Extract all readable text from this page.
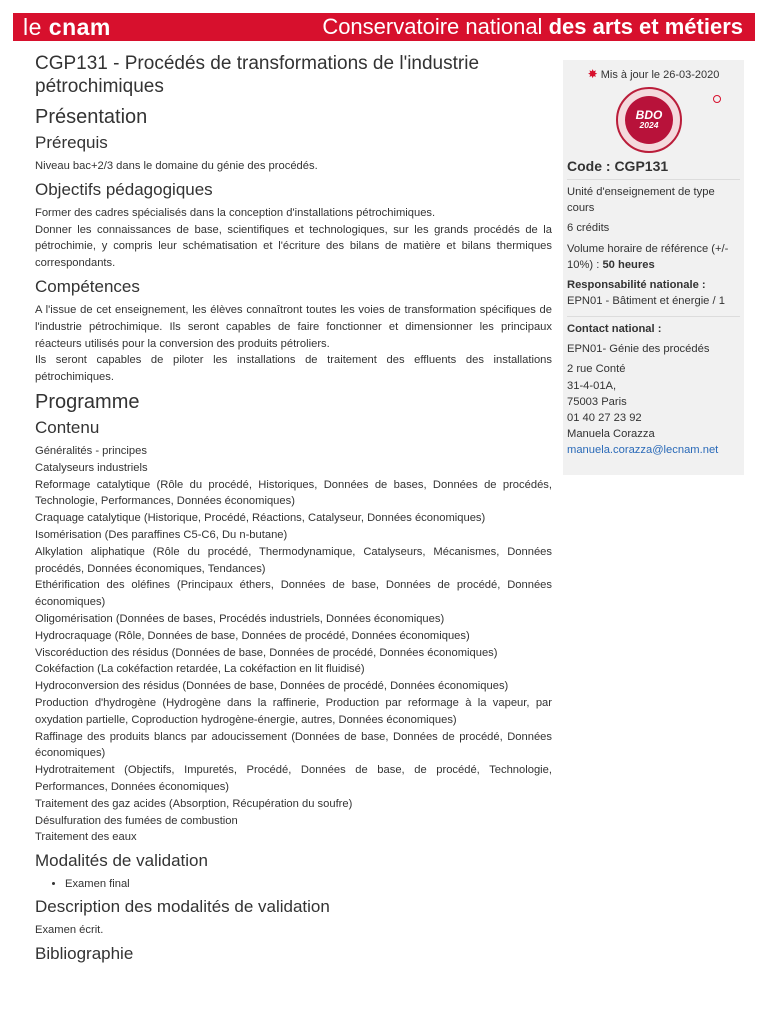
le cnam	Conservatoire national des arts et métiers
CGP131 - Procédés de transformations de l'industrie pétrochimiques
Présentation
Prérequis

Niveau bac+2/3 dans le domaine du génie des procédés.

Objectifs pédagogiques

Former des cadres spécialisés dans la conception d'installations pétrochimiques.
Donner les connaissances de base, scientifiques et technologiques, sur les grands procédés de la pétrochimie, y compris leur schématisation et l'écriture des bilans de matière et bilans thermiques correspondants.

Compétences

A l'issue de cet enseignement, les élèves connaîtront toutes les voies de transformation spécifiques de l'industrie pétrochimique. Ils seront capables de faire fonctionner et dimensionner les principaux réacteurs utilisés pour la conversion des produits pétroliers.
Ils seront capables de piloter les installations de traitement des effluents des installations pétrochimiques.

Programme
Contenu

Généralités - principes
Catalyseurs industriels
Reformage catalytique (Rôle du procédé, Historiques, Données de bases, Données de procédés, Technologie, Performances, Données économiques)
Craquage catalytique (Historique, Procédé, Réactions, Catalyseur, Données économiques)
Isomérisation (Des paraffines C5-C6, Du n-butane)
Alkylation aliphatique (Rôle du procédé, Thermodynamique, Catalyseurs, Mécanismes, Données procédés, Données économiques, Tendances)
Ethérification des oléfines (Principaux éthers, Données de base, Données de procédé, Données économiques)
Oligomérisation (Données de bases, Procédés industriels, Données économiques)
Hydrocraquage (Rôle, Données de base, Données de procédé, Données économiques)
Viscoréduction des résidus (Données de base, Données de procédé, Données économiques)
Cokéfaction (La cokéfaction retardée, La cokéfaction en lit fluidisé)
Hydroconversion des résidus (Données de base, Données de procédé, Données économiques)
Production d'hydrogène (Hydrogène dans la raffinerie, Production par reformage à la vapeur, par oxydation partielle, Coproduction hydrogène-énergie, autres, Données économiques)
Raffinage des produits blancs par adoucissement (Données de base, Données de procédé, Données économiques)
Hydrotraitement (Objectifs, Impuretés, Procédé, Données de base, de procédé, Technologie, Performances, Données économiques)
Traitement des gaz acides (Absorption, Récupération du soufre)
Désulfuration des fumées de combustion
Traitement des eaux

Modalités de validation
• Examen final
Description des modalités de validation

Examen écrit.

Bibliographie
✸ Mis à jour le 26-03-2020
BDO
2024
Code : CGP131

Unité d'enseignement de type cours

6 crédits

Volume horaire de référence (+/- 10%) : 50 heures

Responsabilité nationale :

EPN01 - Bâtiment et énergie / 1

Contact national :

EPN01- Génie des procédés

2 rue Conté
31-4-01A,
75003 Paris
01 40 27 23 92
Manuela Corazza
manuela.corazza@lecnam.net
